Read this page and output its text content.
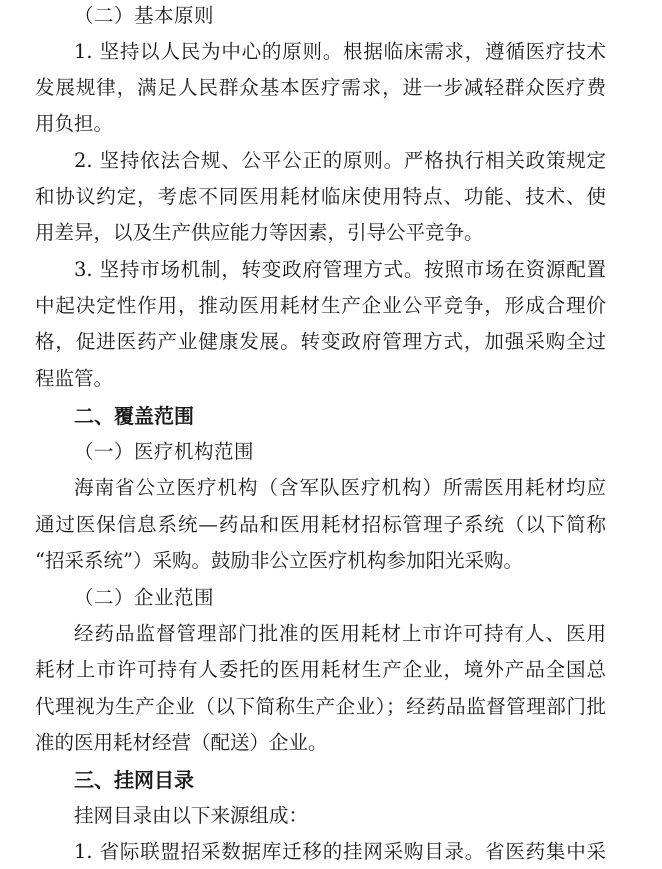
（二）基本原则
1. 坚持以人民为中心的原则。根据临床需求，遵循医疗技术
发展规律，满足人民群众基本医疗需求，进一步减轻群众医疗费
用负担。
2. 坚持依法合规、公平公正的原则。严格执行相关政策规定
和协议约定，考虑不同医用耗材临床使用特点、功能、技术、使
用差异，以及生产供应能力等因素，引导公平竞争。
3. 坚持市场机制，转变政府管理方式。按照市场在资源配置
中起决定性作用，推动医用耗材生产企业公平竞争，形成合理价
格，促进医药产业健康发展。转变政府管理方式，加强采购全过
程监管。
二、覆盖范围
（一）医疗机构范围
海南省公立医疗机构（含军队医疗机构）所需医用耗材均应
通过医保信息系统—药品和医用耗材招标管理子系统（以下简称
“招采系统”）采购。鼓励非公立医疗机构参加阳光采购。
（二）企业范围
经药品监督管理部门批准的医用耗材上市许可持有人、医用
耗材上市许可持有人委托的医用耗材生产企业，境外产品全国总
代理视为生产企业（以下简称生产企业）；经药品监督管理部门批
准的医用耗材经营（配送）企业。
三、挂网目录
挂网目录由以下来源组成：
1. 省际联盟招采数据库迁移的挂网采购目录。省医药集中采
